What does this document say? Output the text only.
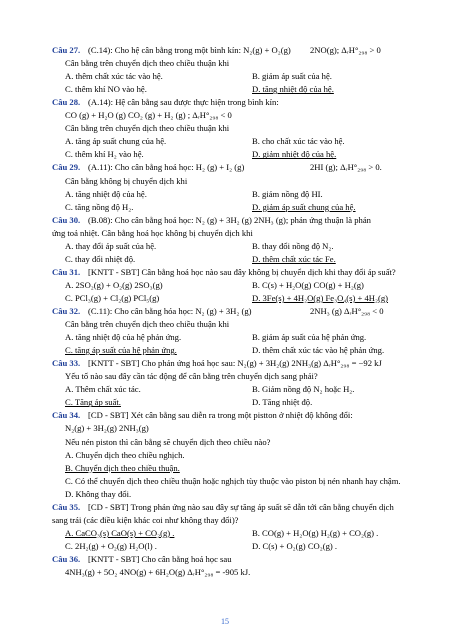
Câu 27. (C.14): Cho hệ cân bằng trong một bình kín: N₂(g) + O₂(g) 2NO(g); ΔᵣH°₂₉₈ > 0
Cân bằng trên chuyển dịch theo chiều thuận khi
A. thêm chất xúc tác vào hệ.	B. giảm áp suất của hệ.
C. thêm khí NO vào hệ.	D. tăng nhiệt độ của hệ.
Câu 28. (A.14): Hệ cân bằng sau được thực hiện trong bình kín:
CO (g) + H₂O (g) CO₂ (g) + H₂ (g) ; ΔᵣH°₂₉₈ < 0
Cân bằng trên chuyển dịch theo chiều thuận khi
A. tăng áp suất chung của hệ.	B. cho chất xúc tác vào hệ.
C. thêm khí H₂ vào hệ.	D. giảm nhiệt độ của hệ.
Câu 29. (A.11): Cho cân bằng hoá học: H₂ (g) + I₂ (g)	2HI (g); ΔᵣH°₂₉₈ > 0.
Cân bằng không bị chuyển dịch khi
A. tăng nhiệt độ của hệ.	B. giảm nồng độ HI.
C. tăng nồng độ H₂.	D. giảm áp suất chung của hệ.
Câu 30. (B.08): Cho cân bằng hoá học: N₂ (g) + 3H₂ (g) 2NH₃ (g); phản ứng thuận là phản
ứng toả nhiệt. Cân bằng hoá học không bị chuyển dịch khi
A. thay đổi áp suất của hệ.	B. thay đổi nồng độ N₂.
C. thay đổi nhiệt độ.	D. thêm chất xúc tác Fe.
Câu 31. [KNTT - SBT] Cân bằng hoá học nào sau đây không bị chuyển dịch khi thay đổi áp suất?
A. 2SO₂(g) + O₂(g) 2SO₃(g)	B. C(s) + H₂O(g) CO(g) + H₂(g)
C. PCl₃(g) + Cl₂(g) PCl₅(g)	D. 3Fe(s) + 4H₂O(g) Fe₃O₄(s) + 4H₂(g)
Câu 32. (C.11): Cho cân bằng hóa học: N₂ (g) + 3H₂ (g)	2NH₃ (g) ΔᵣH°₂₉₈ < 0
Cân bằng trên chuyển dịch theo chiều thuận khi
A. tăng nhiệt độ của hệ phản ứng.	B. giảm áp suất của hệ phản ứng.
C. tăng áp suất của hệ phản ứng.	D. thêm chất xúc tác vào hệ phản ứng.
Câu 33. [KNTT - SBT] Cho phản ứng hoá học sau: N₂(g) + 3H₂(g) 2NH₃(g) ΔᵣH°₂₉₈ = −92 kJ
Yếu tố nào sau đây cần tác động để cân bằng trên chuyển dịch sang phải?
A. Thêm chất xúc tác.	B. Giảm nồng độ N₂ hoặc H₂.
C. Tăng áp suất.	D. Tăng nhiệt độ.
Câu 34. [CD - SBT] Xét cân bằng sau diễn ra trong một pistton ở nhiệt độ không đổi:
N₂(g) + 3H₂(g) 2NH₃(g)
Nếu nén piston thì cân bằng sẽ chuyển dịch theo chiều nào?
A. Chuyển dịch theo chiều nghịch.
B. Chuyển dịch theo chiều thuận.
C. Có thể chuyển dịch theo chiều thuận hoặc nghịch tùy thuộc vào piston bị nén nhanh hay chậm.
D. Không thay đổi.
Câu 35. [CD - SBT] Trong phản ứng nào sau đây sự tăng áp suất sẽ dẫn tới cân bằng chuyển dịch
sang trái (các điều kiện khác coi như không thay đổi)?
A. CaCO₃(s) CaO(s) + CO₂(g) .	B. CO(g) + H₂O(g) H₂(g) + CO₂(g) .
C. 2H₂(g) + O₂(g) H₂O(l) .	D. C(s) + O₂(g) CO₂(g) .
Câu 36. [KNTT - SBT] Cho cân bằng hoá học sau
4NH₃(g) + 5O₂ 4NO(g) + 6H₂O(g) ΔᵣH°₂₉₈ = -905 kJ.
15
